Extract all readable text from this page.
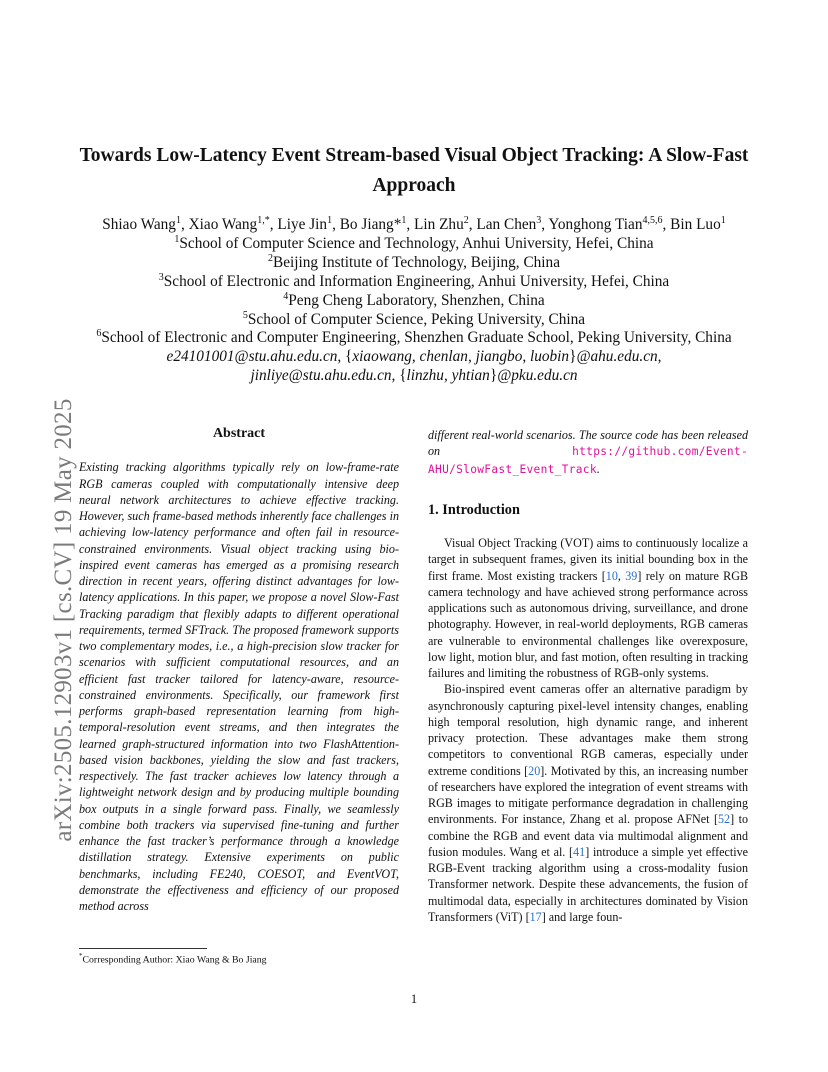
arXiv:2505.12903v1 [cs.CV] 19 May 2025
Towards Low-Latency Event Stream-based Visual Object Tracking: A Slow-Fast
Approach
Shiao Wang$^1$, Xiao Wang$^{1,*}$, Liye Jin$^1$, Bo Jiang*$^1$, Lin Zhu$^2$, Lan Chen$^3$, Yonghong Tian$^{4,5,6}$, Bin Luo$^1$
$^1$School of Computer Science and Technology, Anhui University, Hefei, China
$^2$Beijing Institute of Technology, Beijing, China
$^3$School of Electronic and Information Engineering, Anhui University, Hefei, China
$^4$Peng Cheng Laboratory, Shenzhen, China
$^5$School of Computer Science, Peking University, China
$^6$School of Electronic and Computer Engineering, Shenzhen Graduate School, Peking University, China
e24101001@stu.ahu.edu.cn, {xiaowang, chenlan, jiangbo, luobin}@ahu.edu.cn,
jinliye@stu.ahu.edu.cn, {linzhu, yhtian}@pku.edu.cn
Abstract

Existing tracking algorithms typically rely on low-frame-rate RGB cameras coupled with computationally intensive deep neural network architectures to achieve effective tracking. However, such frame-based methods inherently face challenges in achieving low-latency performance and often fail in resource-constrained environments. Visual object tracking using bio-inspired event cameras has emerged as a promising research direction in recent years, offering distinct advantages for low-latency applications. In this paper, we propose a novel Slow-Fast Tracking paradigm that flexibly adapts to different operational requirements, termed SFTrack. The proposed framework supports two complementary modes, i.e., a high-precision slow tracker for scenarios with sufficient computational resources, and an efficient fast tracker tailored for latency-aware, resource-constrained environments. Specifically, our framework first performs graph-based representation learning from high-temporal-resolution event streams, and then integrates the learned graph-structured information into two FlashAttention-based vision backbones, yielding the slow and fast trackers, respectively. The fast tracker achieves low latency through a lightweight network design and by producing multiple bounding box outputs in a single forward pass. Finally, we seamlessly combine both trackers via supervised fine-tuning and further enhance the fast tracker’s performance through a knowledge distillation strategy. Extensive experiments on public benchmarks, including FE240, COESOT, and EventVOT, demonstrate the effectiveness and efficiency of our proposed method across

different real-world scenarios. The source code has been released on https://github.com/Event-AHU/SlowFast_Event_Track.

1. Introduction

Visual Object Tracking (VOT) aims to continuously localize a target in subsequent frames, given its initial bounding box in the first frame. Most existing trackers [10, 39] rely on mature RGB camera technology and have achieved strong performance across applications such as autonomous driving, surveillance, and drone photography. However, in real-world deployments, RGB cameras are vulnerable to environmental challenges like overexposure, low light, motion blur, and fast motion, often resulting in tracking failures and limiting the robustness of RGB-only systems.

Bio-inspired event cameras offer an alternative paradigm by asynchronously capturing pixel-level intensity changes, enabling high temporal resolution, high dynamic range, and inherent privacy protection. These advantages make them strong competitors to conventional RGB cameras, especially under extreme conditions [20]. Motivated by this, an increasing number of researchers have explored the integration of event streams with RGB images to mitigate performance degradation in challenging environments. For instance, Zhang et al. propose AFNet [52] to combine the RGB and event data via multimodal alignment and fusion modules. Wang et al. [41] introduce a simple yet effective RGB-Event tracking algorithm using a cross-modality fusion Transformer network. Despite these advancements, the fusion of multimodal data, especially in architectures dominated by Vision Transformers (ViT) [17] and large foun-

*Corresponding Author: Xiao Wang & Bo Jiang
1
